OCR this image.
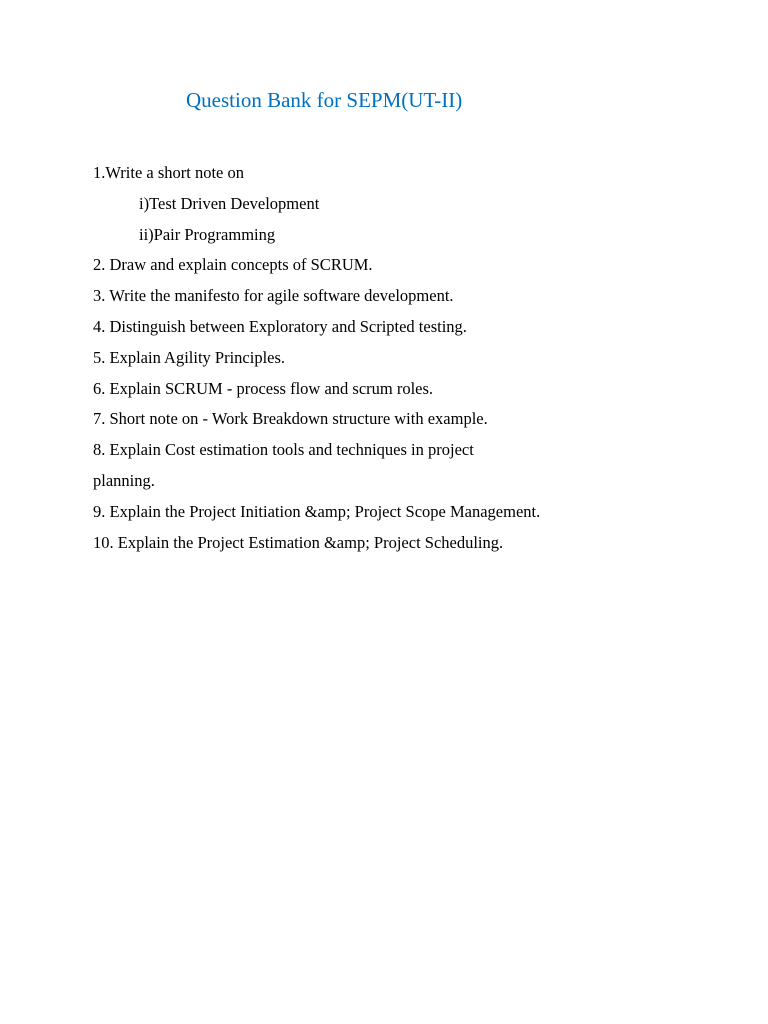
Question Bank for SEPM(UT-II)
1.Write a short note on
i)Test Driven Development
ii)Pair Programming
2. Draw and explain concepts of SCRUM.
3. Write the manifesto for agile software development.
4. Distinguish between Exploratory and Scripted testing.
5. Explain Agility Principles.
6. Explain SCRUM - process flow and scrum roles.
7. Short note on - Work Breakdown structure with example.
8. Explain Cost estimation tools and techniques in project
planning.
9. Explain the Project Initiation &amp; Project Scope Management.
10. Explain the Project Estimation &amp; Project Scheduling.
